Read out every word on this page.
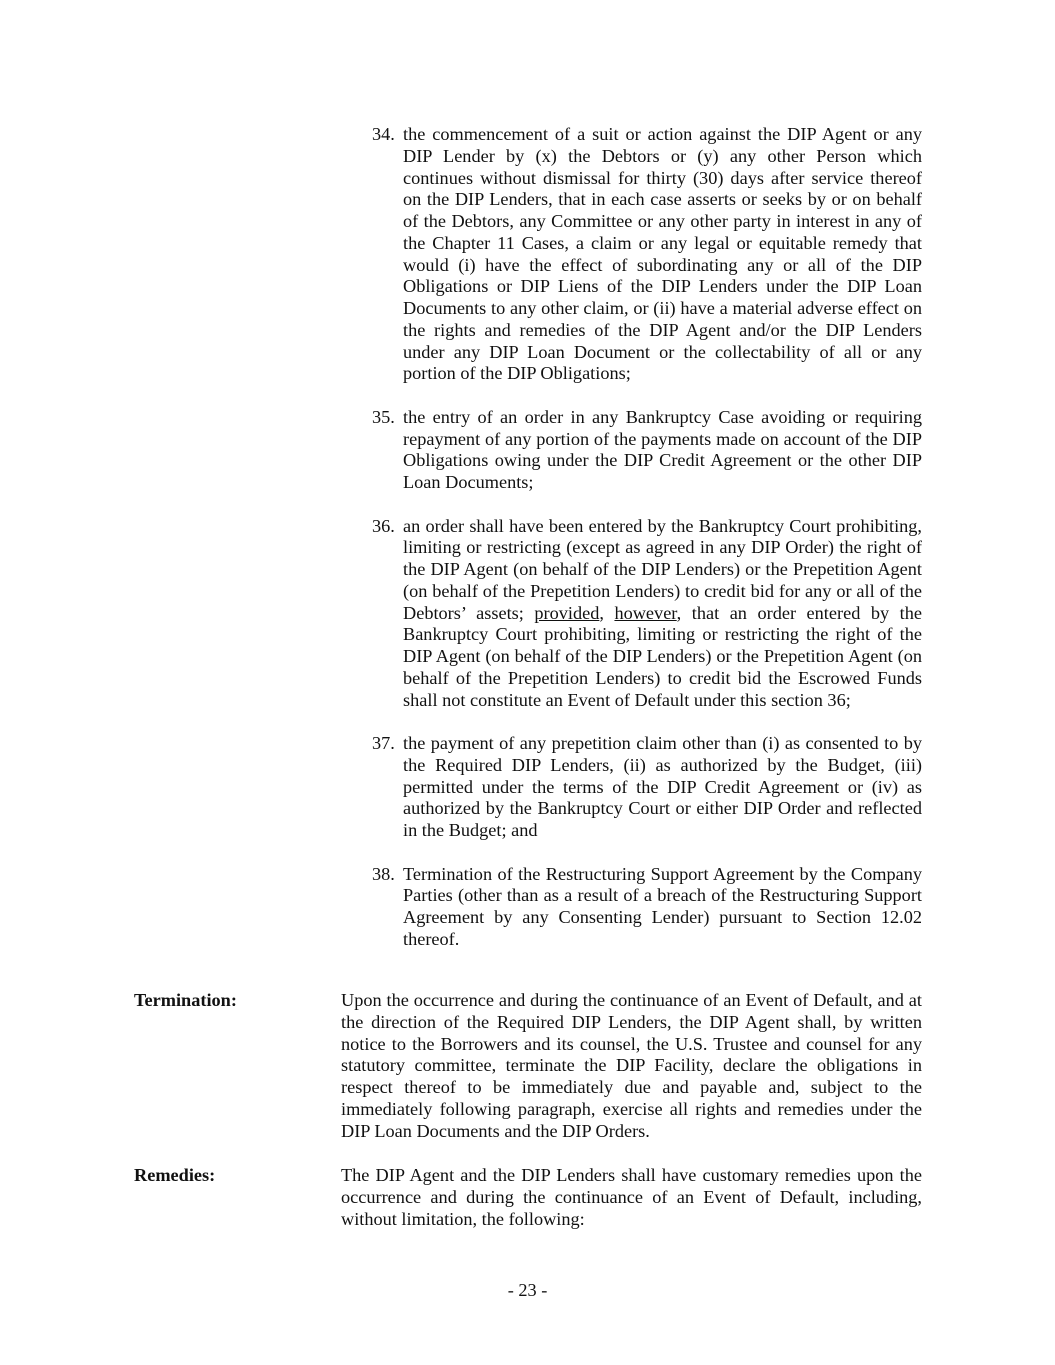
34. the commencement of a suit or action against the DIP Agent or any DIP Lender by (x) the Debtors or (y) any other Person which continues without dismissal for thirty (30) days after service thereof on the DIP Lenders, that in each case asserts or seeks by or on behalf of the Debtors, any Committee or any other party in interest in any of the Chapter 11 Cases, a claim or any legal or equitable remedy that would (i) have the effect of subordinating any or all of the DIP Obligations or DIP Liens of the DIP Lenders under the DIP Loan Documents to any other claim, or (ii) have a material adverse effect on the rights and remedies of the DIP Agent and/or the DIP Lenders under any DIP Loan Document or the collectability of all or any portion of the DIP Obligations;
35. the entry of an order in any Bankruptcy Case avoiding or requiring repayment of any portion of the payments made on account of the DIP Obligations owing under the DIP Credit Agreement or the other DIP Loan Documents;
36. an order shall have been entered by the Bankruptcy Court prohibiting, limiting or restricting (except as agreed in any DIP Order) the right of the DIP Agent (on behalf of the DIP Lenders) or the Prepetition Agent (on behalf of the Prepetition Lenders) to credit bid for any or all of the Debtors’ assets; provided, however, that an order entered by the Bankruptcy Court prohibiting, limiting or restricting the right of the DIP Agent (on behalf of the DIP Lenders) or the Prepetition Agent (on behalf of the Prepetition Lenders) to credit bid the Escrowed Funds shall not constitute an Event of Default under this section 36;
37. the payment of any prepetition claim other than (i) as consented to by the Required DIP Lenders, (ii) as authorized by the Budget, (iii) permitted under the terms of the DIP Credit Agreement or (iv) as authorized by the Bankruptcy Court or either DIP Order and reflected in the Budget; and
38. Termination of the Restructuring Support Agreement by the Company Parties (other than as a result of a breach of the Restructuring Support Agreement by any Consenting Lender) pursuant to Section 12.02 thereof.
Termination:	Upon the occurrence and during the continuance of an Event of Default, and at the direction of the Required DIP Lenders, the DIP Agent shall, by written notice to the Borrowers and its counsel, the U.S. Trustee and counsel for any statutory committee, terminate the DIP Facility, declare the obligations in respect thereof to be immediately due and payable and, subject to the immediately following paragraph, exercise all rights and remedies under the DIP Loan Documents and the DIP Orders.
Remedies:	The DIP Agent and the DIP Lenders shall have customary remedies upon the occurrence and during the continuance of an Event of Default, including, without limitation, the following:
- 23 -
